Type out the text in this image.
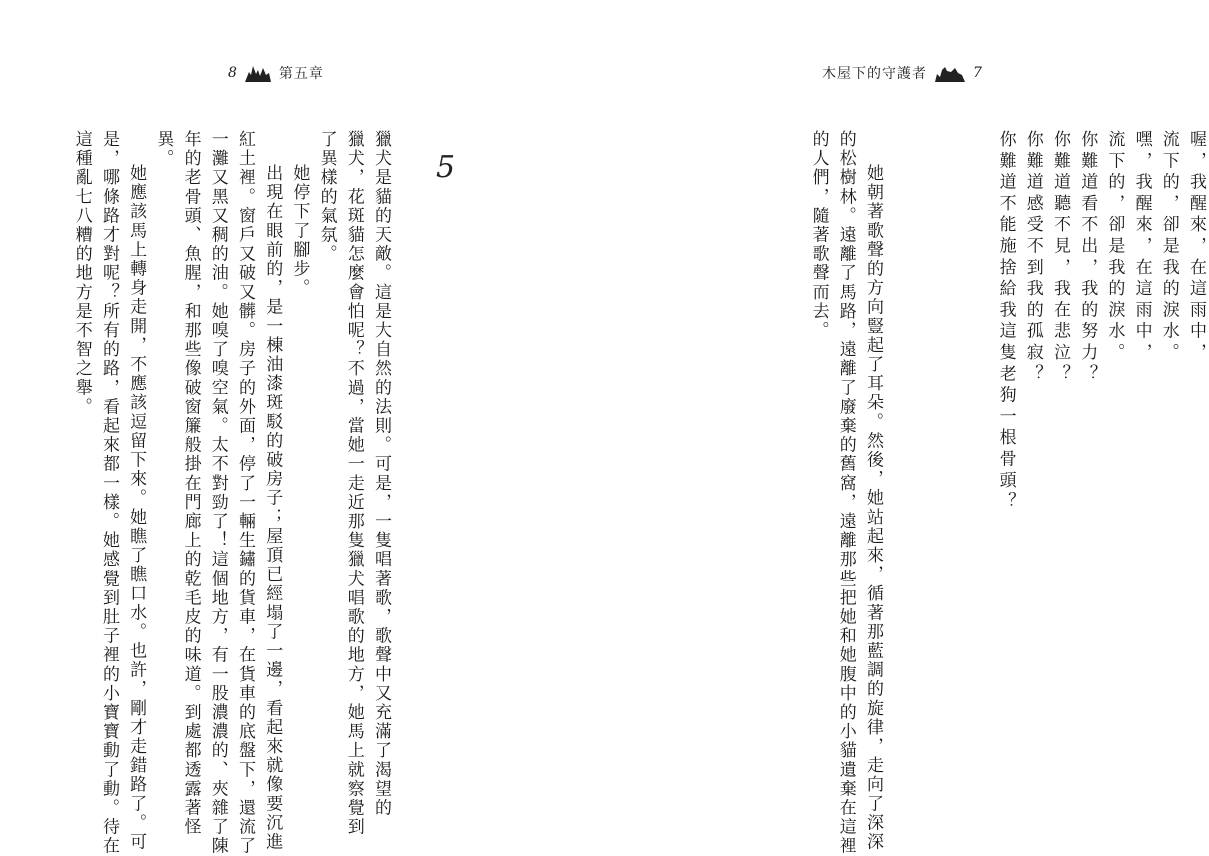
8	第五章
5
獵犬是貓的天敵。這是大自然的法則。可是，一隻唱著歌，歌聲中又充滿了渴望的
獵犬，花斑貓怎麼會怕呢？不過，當她一走近那隻獵犬唱歌的地方，她馬上就察覺到
了異樣的氣氛。
她停下了腳步。
出現在眼前的，是一棟油漆斑駁的破房子；屋頂已經塌了一邊，看起來就像要沉進
紅土裡。窗戶又破又髒。房子的外面，停了一輛生鏽的貨車，在貨車的底盤下，還流了
一灘又黑又稠的油。她嗅了嗅空氣。太不對勁了！這個地方，有一股濃濃的、夾雜了陳
年的老骨頭、魚腥，和那些像破窗簾般掛在門廊上的乾毛皮的味道。到處都透露著怪
異。
她應該馬上轉身走開，不應該逗留下來。她瞧了瞧口水。也許，剛才走錯路了。可
是，哪條路才對呢？所有的路，看起來都一樣。她感覺到肚子裡的小寶寶動了動。待在
這種亂七八糟的地方是不智之舉。
木屋下的守護者	7
喔，我醒來，在這雨中，
流下的，卻是我的淚水。
嘿，我醒來，在這雨中，
流下的，卻是我的淚水。
你難道看不出，我的努力？
你難道聽不見，我在悲泣？
你難道感受不到我的孤寂？
你難道不能施捨給我這隻老狗一根骨頭？
她朝著歌聲的方向豎起了耳朵。然後，她站起來，循著那藍調的旋律，走向了深深
的松樹林。遠離了馬路，遠離了廢棄的舊窩，遠離那些把她和她腹中的小貓遺棄在這裡
的人們，隨著歌聲而去。
